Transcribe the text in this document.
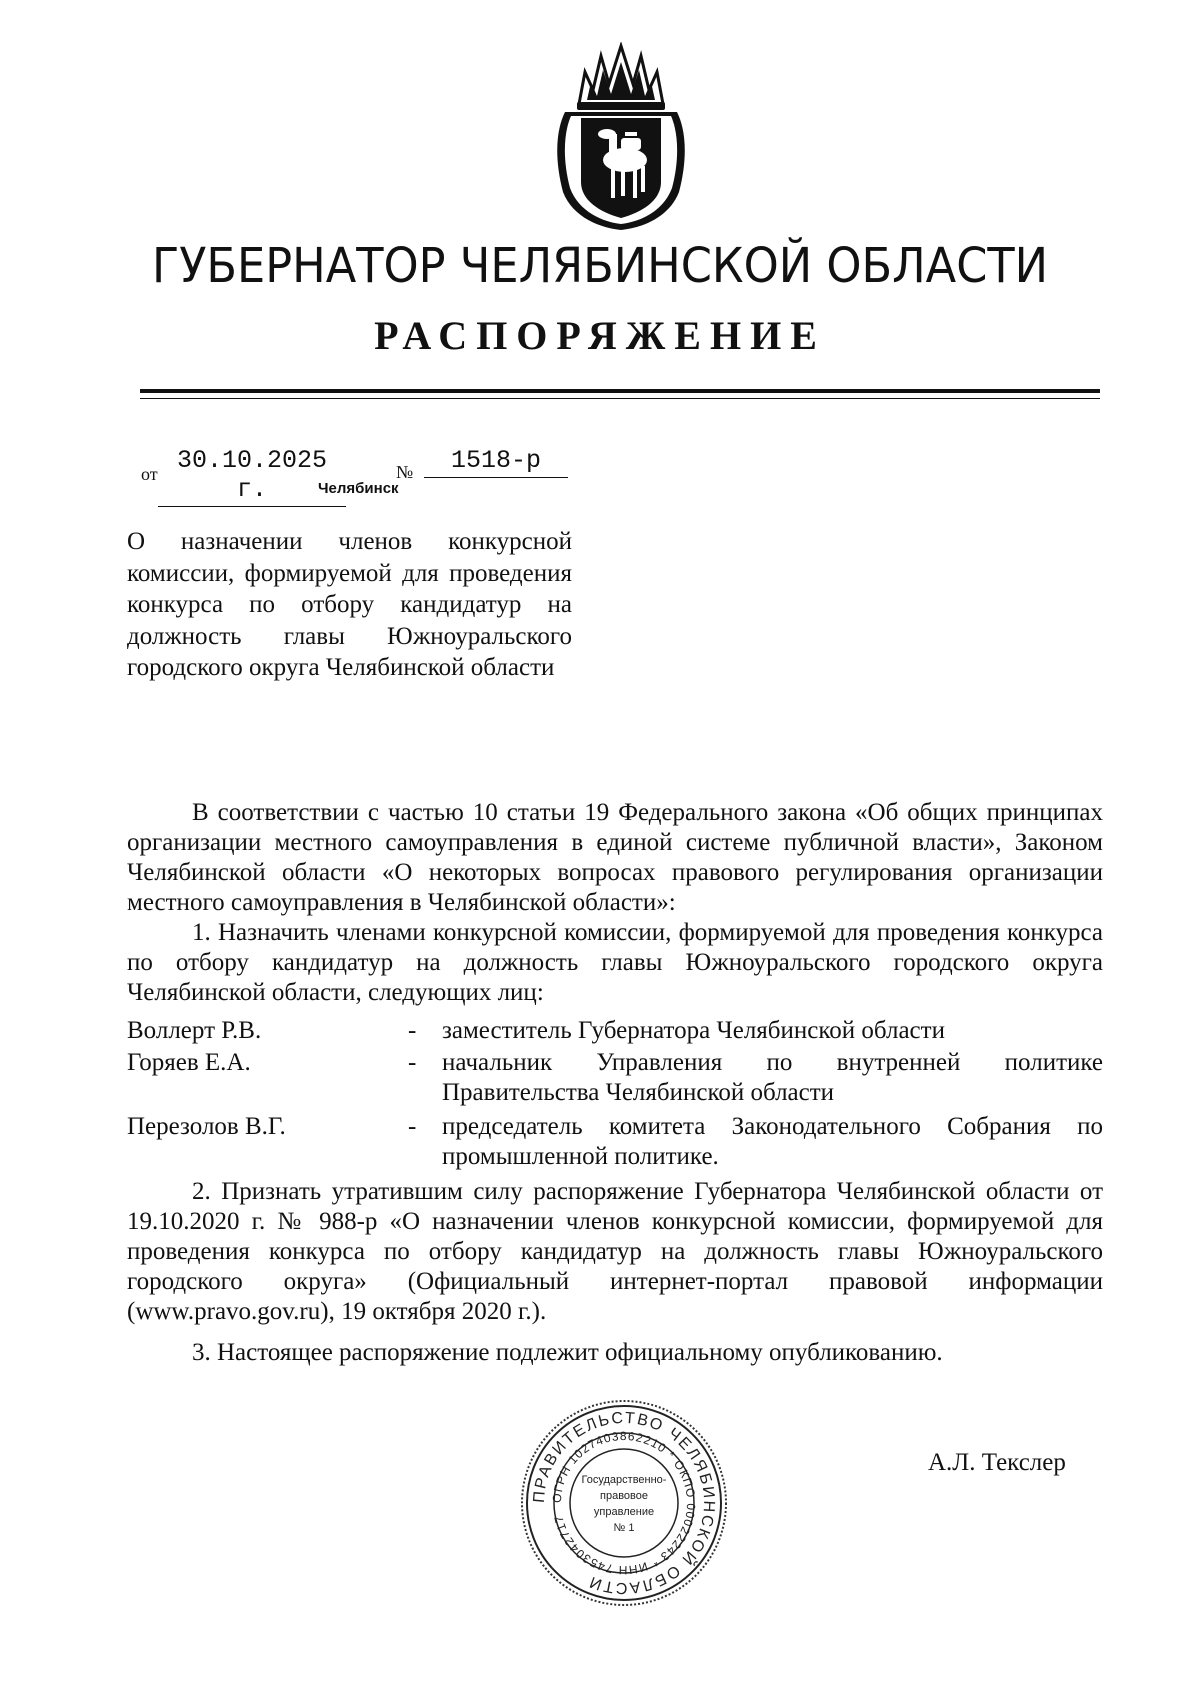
ГУБЕРНАТОР ЧЕЛЯБИНСКОЙ ОБЛАСТИ
РАСПОРЯЖЕНИЕ
от 30.10.2025 г.
№	1518-р
Челябинск
О назначении членов конкурсной комиссии, формируемой для проведения конкурса по отбору кандидатур на должность главы Южноуральского городского округа Челябинской области
В соответствии с частью 10 статьи 19 Федерального закона «Об общих принципах организации местного самоуправления в единой системе публичной власти», Законом Челябинской области «О некоторых вопросах правового регулирования организации местного самоуправления в Челябинской области»:
1. Назначить членами конкурсной комиссии, формируемой для проведения конкурса по отбору кандидатур на должность главы Южноуральского городского округа Челябинской области, следующих лиц:
Воллерт Р.В.	- заместитель Губернатора Челябинской области
Горяев Е.А.	- начальник Управления по внутренней политике Правительства Челябинской области
Перезолов В.Г.	- председатель комитета Законодательного Собрания по промышленной политике.
2. Признать утратившим силу распоряжение Губернатора Челябинской области от 19.10.2020 г. № 988-р «О назначении членов конкурсной комиссии, формируемой для проведения конкурса по отбору кандидатур на должность главы Южноуральского городского округа» (Официальный интернет-портал правовой информации (www.pravo.gov.ru), 19 октября 2020 г.).
3. Настоящее распоряжение подлежит официальному опубликованию.
ПРАВИТЕЛЬСТВО ЧЕЛЯБИНСКОЙ ОБЛАСТИ
ОГРН 1027403862210 * ОКПО 00022243 * ИНН 7453042717
Государственно-
правовое
управление
№ 1
А.Л. Текслер
